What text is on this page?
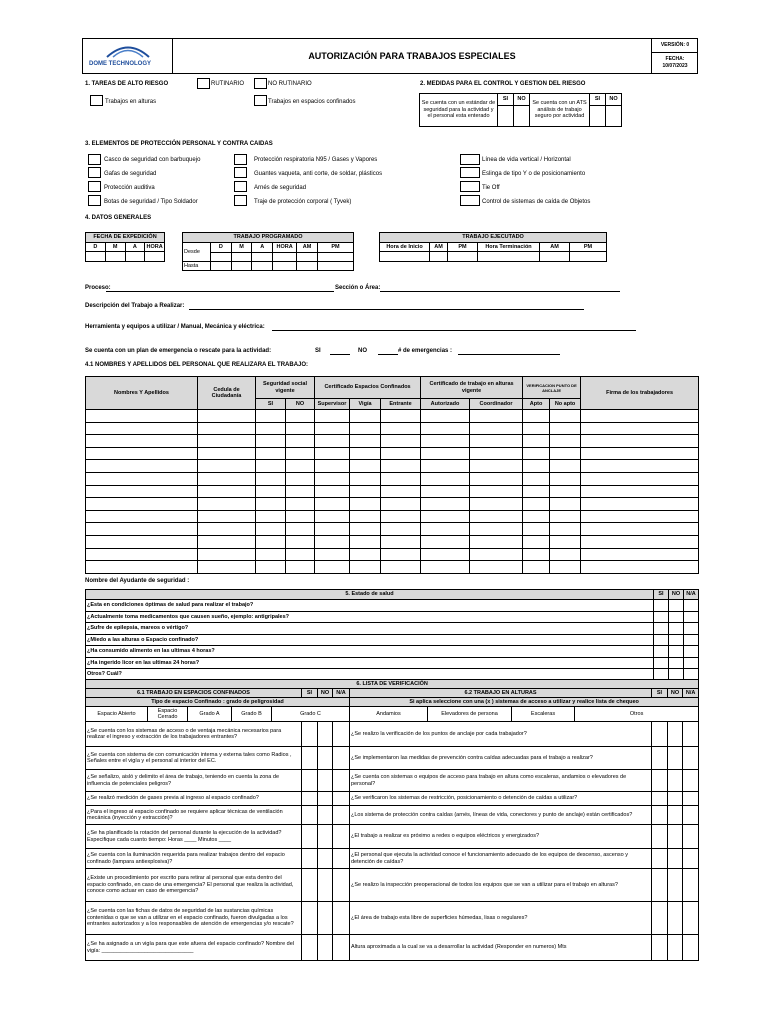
DOME TECHNOLOGY
AUTORIZACIÓN PARA TRABAJOS ESPECIALES
VERSIÓN: 0
FECHA:
10/07/2023
1. TAREAS DE ALTO RIESGO	RUTINARIO	NO RUTINARIO
Trabajos en alturas	Trabajos en espacios confinados
2. MEDIDAS PARA EL CONTROL Y GESTION DEL RIESGO
Se cuenta con un estándar de seguridad para la actividad y el personal esta enterado	SI	NO	Se cuenta con un ATS análisis de trabajo seguro por actividad	SI	NO

3. ELEMENTOS DE PROTECCIÓN PERSONAL Y CONTRA CAIDAS
Casco de seguridad con barbuquejo
Gafas de seguridad
Protección auditiva
Botas de seguridad / Tipo Soldador
Protección respiratoria N95 / Gases y Vapores
Guantes vaqueta, anti corte, de soldar, plásticos
Arnés de seguridad
Traje de protección corporal ( Tyvek)
Línea de vida vertical / Horizontal
Eslinga de tipo Y o de posicionamiento
Tie Off
Control de sistemas de caída de Objetos
4. DATOS GENERALES
FECHA DE EXPEDICIÓN			
D	M	A	HORA

TRABAJO PROGRAMADO						
Desde	D	M	A	HORA	AM	PM

Hasta						
TRABAJO EJECUTADO					
Hora de Inicio	AM	PM	Hora Terminación	AM	PM

Proceso:	Sección o Área:
Descripción del Trabajo a Realizar:
Herramienta y equipos a utilizar / Manual, Mecánica y eléctrica:
Se cuenta con un plan de emergencia o rescate para la actividad:	SI	NO	# de emergencias :
4.1 NOMBRES Y APELLIDOS DEL PERSONAL QUE REALIZARA EL TRABAJO:
Nombres Y Apellidos	Cedula de Ciudadanía	Seguridad social vigente		Certificado Espacios Confinados			Certificado de trabajo en alturas vigente		VERIFICACION PUNTO DE ANCLAJE		Firma de los trabajadores
		SI	NO	Supervisor	Vigía	Entrante	Autorizado	Coordinador	Apto	No apto	

Nombre del Ayudante de seguridad :
5. Estado de salud	SI	NO	N/A
¿Esta en condiciones óptimas de salud para realizar el trabajo?			
¿Actualmente toma medicamentos que causen sueño, ejemplo: antigripales?			
¿Sufre de epilepsia, mareos o vértigo?			
¿Miedo a las alturas o Espacio confinado?			
¿Ha consumido alimento en las ultimas 4 horas?			
¿Ha ingerido licor en las ultimas 24 horas?			
Otros? Cuál?			
6. LISTA DE VERIFICACIÓN														
6.1 TRABAJO EN ESPACIOS CONFINADOS					SI	NO	N/A	6.2 TRABAJO EN ALTURAS				SI	NO	N/A
Tipo de espacio Confinado : grado de peligrosidad								Si aplica seleccione con una (x ) sistemas de acceso a utilizar y realice lista de chequeo						
Espacio Abierto	Espacio Cerrado	Grado A	Grado B	Grado C				Andamios	Elevadores de persona	Escaleras	Otros			
¿Se cuenta con los sistemas de acceso o de ventaja mecánica necesarios para realizar el ingreso y extracción de los trabajadores entrantes?								¿Se realizo la verificación de los puntos de anclaje por cada trabajador?						
¿Se cuenta con sistema de con comunicación interna y externa tales como Radios , Señales entre el vigía y el personal al interior del EC.								¿Se implementaron las medidas de prevención contra caídas adecuadas para el trabajo a realizar?						
¿Se señalizo, aisló y delimito el área de trabajo, teniendo en cuenta la zona de influencia de potenciales peligros?								¿Se cuenta con sistemas o equipos de acceso para trabajo en altura como escaleras, andamios o elevadores de personal?						
¿Se realizó medición de gases previa al ingreso al espacio confinado?								¿Se verificaron los sistemas de restricción, posicionamiento o detención de caídas a utilizar?						
¿Para el ingreso al espacio confinado se requiere aplicar técnicas de ventilación mecánica (inyección y extracción)?								¿Los sistema de protección contra caídas (arnés, líneas de vida, conectores y punto de anclaje) están certificados?						
¿Se ha planificado la rotación del personal durante la ejecución de la actividad? Especifique cada cuanto tiempo: Horas ____ Minutos ____								¿El trabajo a realizar es próximo a redes o equipos eléctricos y energizados?						
¿Se cuenta con la iluminación requerida para realizar trabajos dentro del espacio confinado (lampara antiexplosiva)?								¿El personal que ejecuta la actividad conoce el funcionamiento adecuado de los equipos de descenso, ascenso y detención de caídas?						
¿Existe un procedimiento por escrito para retirar al personal que esta dentro del espacio confinado, en caso de una emergencia? El personal que realiza la actividad, conoce como actuar en caso de emergencia?								¿Se realizo la inspección preoperacional de todos los equipos que se van a utilizar para el trabajo en alturas?						
¿Se cuenta con las fichas de datos de seguridad de las sustancias químicas contenidas o que se van a utilizar en el espacio confinado, fueron divulgadas a los entrantes autorizados y a los responsables de atención de emergencias y/o rescate?								¿El área de trabajo esta libre de superficies húmedas, lisas o regulares?						
¿Se ha asignado a un vigía para que este afuera del espacio confinado? Nombre del vigía: ______________________________								Altura aproximada a la cual se va a desarrollar la actividad (Responder en numeros) Mts						
